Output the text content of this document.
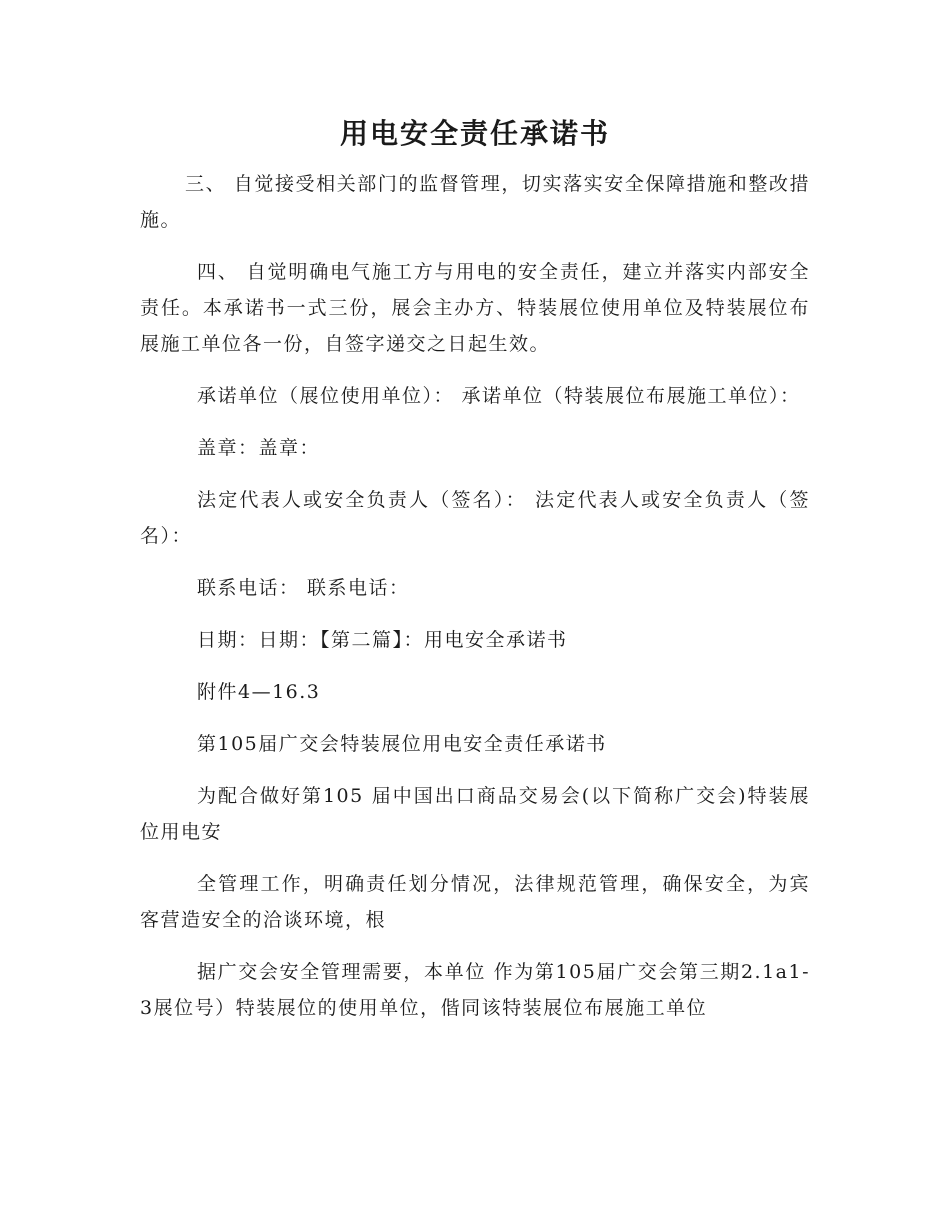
用电安全责任承诺书

三、 自觉接受相关部门的监督管理，切实落实安全保障措施和整改措施。

四、 自觉明确电气施工方与用电的安全责任，建立并落实内部安全责任。本承诺书一式三份，展会主办方、特装展位使用单位及特装展位布展施工单位各一份，自签字递交之日起生效。

承诺单位（展位使用单位）： 承诺单位（特装展位布展施工单位）：

盖章：盖章：

法定代表人或安全负责人（签名）： 法定代表人或安全负责人（签名）：

联系电话： 联系电话：

日期：日期：【第二篇】：用电安全承诺书

附件4—16.3

第105届广交会特装展位用电安全责任承诺书

为配合做好第105 届中国出口商品交易会(以下简称广交会)特装展位用电安

全管理工作，明确责任划分情况，法律规范管理，确保安全，为宾客营造安全的洽谈环境，根

据广交会安全管理需要，本单位 作为第105届广交会第三期2.1a1-3展位号）特装展位的使用单位，偕同该特装展位布展施工单位
